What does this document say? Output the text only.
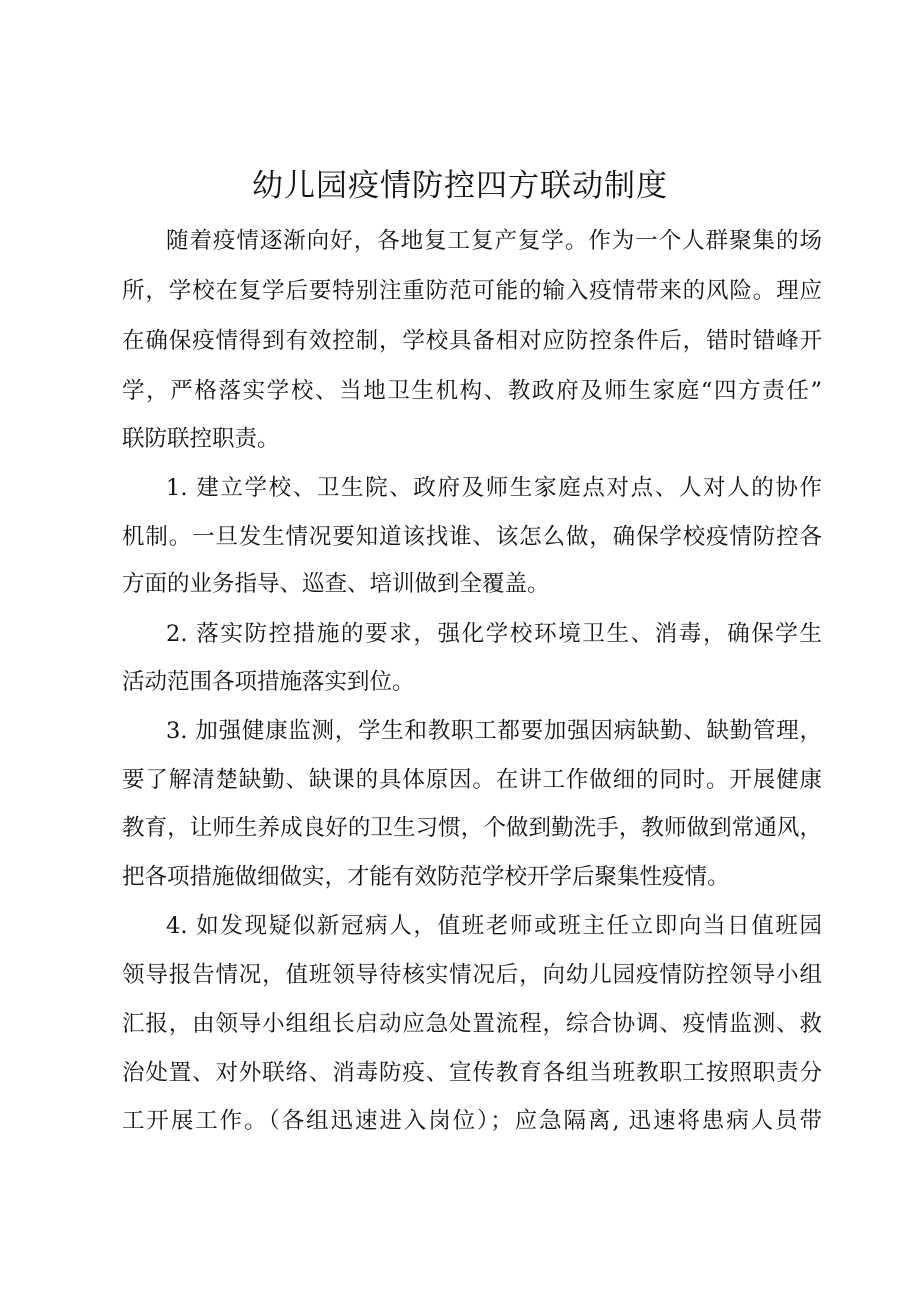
幼儿园疫情防控四方联动制度
随着疫情逐渐向好，各地复工复产复学。作为一个人群聚集的场
所，学校在复学后要特别注重防范可能的输入疫情带来的风险。理应
在确保疫情得到有效控制，学校具备相对应防控条件后，错时错峰开
学，严格落实学校、当地卫生机构、教政府及师生家庭“四方责任”
联防联控职责。
1. 建立学校、卫生院、政府及师生家庭点对点、人对人的协作
机制。一旦发生情况要知道该找谁、该怎么做，确保学校疫情防控各
方面的业务指导、巡查、培训做到全覆盖。
2. 落实防控措施的要求，强化学校环境卫生、消毒，确保学生
活动范围各项措施落实到位。
3. 加强健康监测，学生和教职工都要加强因病缺勤、缺勤管理，
要了解清楚缺勤、缺课的具体原因。在讲工作做细的同时。开展健康
教育，让师生养成良好的卫生习惯，个做到勤洗手，教师做到常通风，
把各项措施做细做实，才能有效防范学校开学后聚集性疫情。
4. 如发现疑似新冠病人，值班老师或班主任立即向当日值班园
领导报告情况，值班领导待核实情况后，向幼儿园疫情防控领导小组
汇报，由领导小组组长启动应急处置流程，综合协调、疫情监测、救
治处置、对外联络、消毒防疫、宣传教育各组当班教职工按照职责分
工开展工作。（各组迅速进入岗位）；应急隔离, 迅速将患病人员带
